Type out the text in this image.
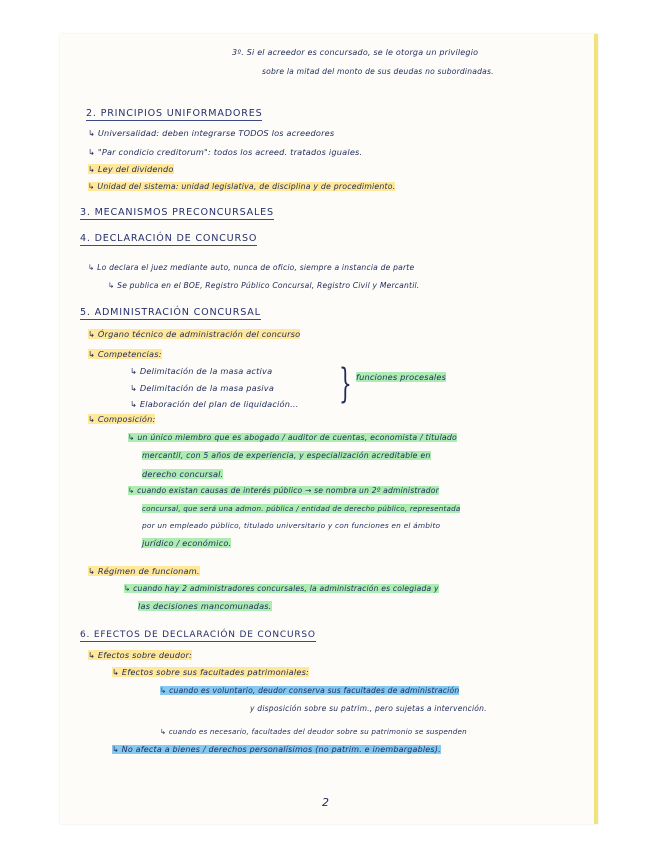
3º. Si el acreedor es concursado, se le otorga un privilegio
sobre la mitad del monto de sus deudas no subordinadas.
2. PRINCIPIOS UNIFORMADORES
↳ Universalidad: deben integrarse TODOS los acreedores
↳ "Par condicio creditorum": todos los acreed. tratados iguales.
↳ Ley del dividendo
↳ Unidad del sistema: unidad legislativa, de disciplina y de procedimiento.
3. MECANISMOS PRECONCURSALES
4. DECLARACIÓN DE CONCURSO
↳ Lo declara el juez mediante auto, nunca de oficio, siempre a instancia de parte
↳ Se publica en el BOE, Registro Público Concursal, Registro Civil y Mercantil.
5. ADMINISTRACIÓN CONCURSAL
↳ Órgano técnico de administración del concurso
↳ Competencias:
↳ Delimitación de la masa activa
↳ Delimitación de la masa pasiva
↳ Elaboración del plan de liquidación... } funciones procesales
↳ Composición:
↳ un único miembro que es abogado / auditor de cuentas, economista / titulado
mercantil, con 5 años de experiencia, y especialización acreditable en
derecho concursal.
↳ cuando existan causas de interés público → se nombra un 2º administrador
concursal, que será una admon. pública / entidad de derecho público, representada
por un empleado público, titulado universitario y con funciones en el ámbito
jurídico / económico.
↳ Régimen de funcionam.
↳ cuando hay 2 administradores concursales, la administración es colegiada y
las decisiones mancomunadas.
6. EFECTOS DE DECLARACIÓN DE CONCURSO
↳ Efectos sobre deudor:
↳ Efectos sobre sus facultades patrimoniales:
↳ cuando es voluntario, deudor conserva sus facultades de administración
y disposición sobre su patrim., pero sujetas a intervención.
↳ cuando es necesario, facultades del deudor sobre su patrimonio se suspenden
↳ No afecta a bienes / derechos personalísimos (no patrim. e inembargables).
2
